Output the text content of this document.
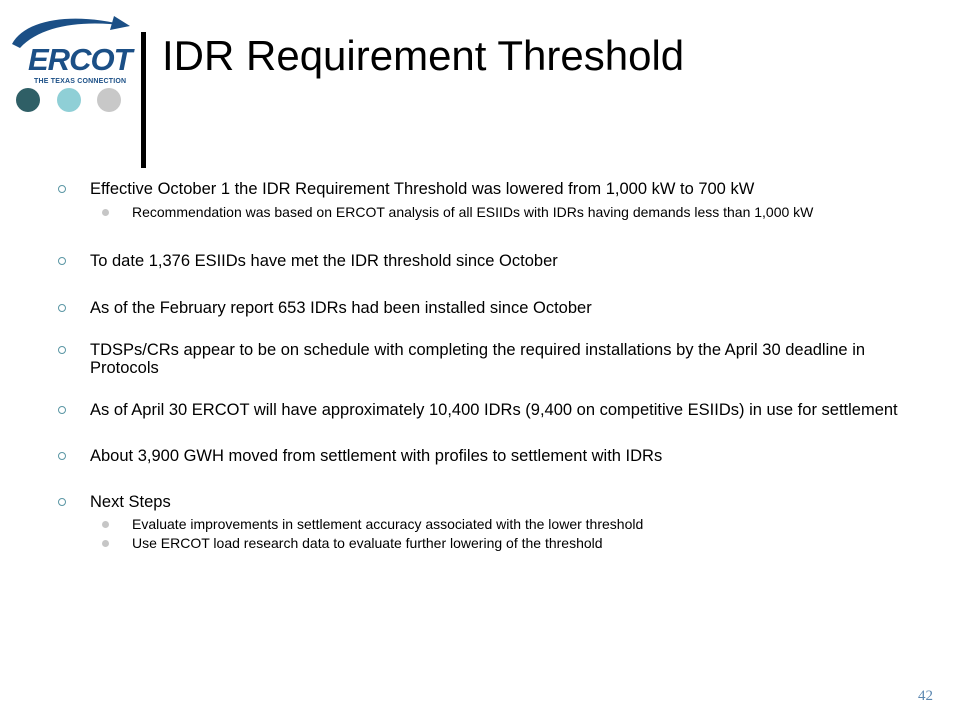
ERCOT
THE TEXAS CONNECTION
IDR Requirement Threshold
Effective October 1 the IDR Requirement Threshold was lowered from 1,000 kW to 700 kW
Recommendation was based on ERCOT analysis of all ESIIDs with IDRs having demands less than 1,000 kW
To date 1,376 ESIIDs have met the IDR threshold since October
As of the February report 653 IDRs had been installed since October
TDSPs/CRs appear to be on schedule with completing the required installations by the April 30 deadline in Protocols
As of April 30 ERCOT will have approximately 10,400 IDRs (9,400 on competitive ESIIDs) in use for settlement
About 3,900 GWH moved from settlement with profiles to settlement with IDRs
Next Steps
Evaluate improvements in settlement accuracy associated with the lower threshold
Use ERCOT load research data to evaluate further lowering of the threshold
42
